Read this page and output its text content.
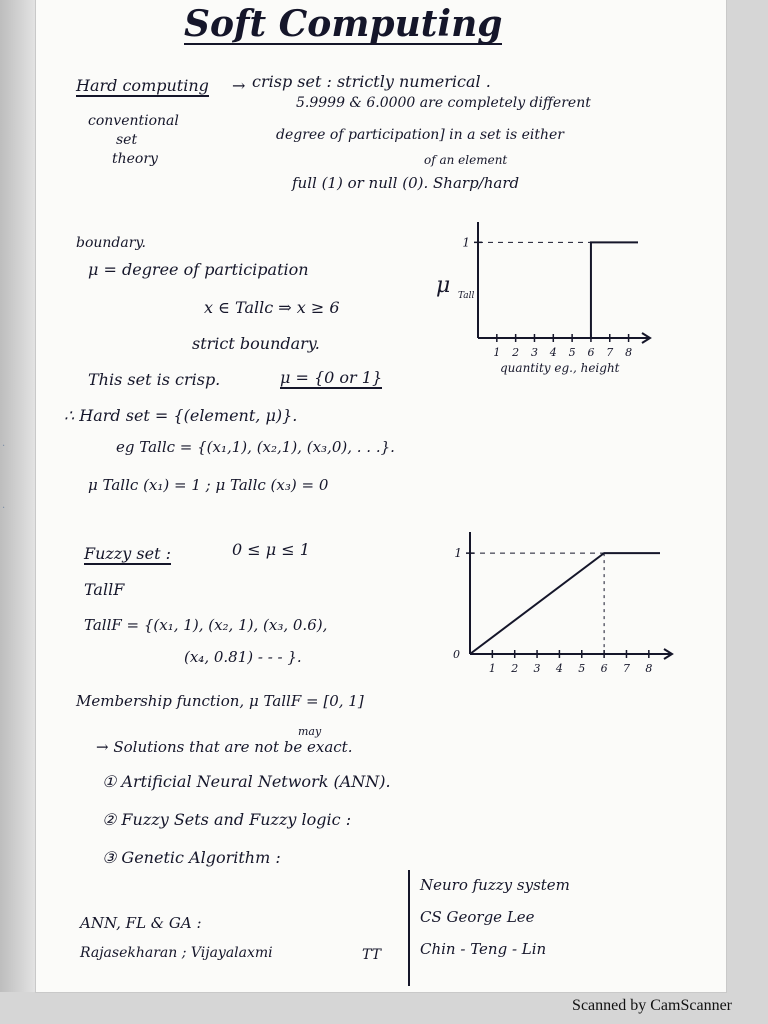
.
.
Soft Computing
Hard computing → crisp set : strictly numerical .
5.9999 & 6.0000 are completely different
conventional
set
theory
degree of participation] in a set is either
of an element
full (1) or null (0). Sharp/hard
boundary.
μ = degree of participation
x ∈ Tallᴄ ⇒ x ≥ 6
strict boundary.
This set is crisp.	μ = {0 or 1}
∴ Hard set = {(element, μ)}.
eg Tallᴄ = {(x₁,1), (x₂,1), (x₃,0), . . .}.
μ Tallᴄ (x₁) = 1 ; μ Tallᴄ (x₃) = 0
1 2 3 4 5 6 7 8
1
μ Tall
quantity eg., height
Fuzzy set :	0 ≤ μ ≤ 1
TallF
TallF = {(x₁, 1), (x₂, 1), (x₃, 0.6),
(x₄, 0.81) - - - }.
1 2 3 4 5 6 7 8
1
0
Membership function, μ TallF = [0, 1]
may
→ Solutions that are not be exact.
① Artificial Neural Network (ANN).
② Fuzzy Sets and Fuzzy logic :
③ Genetic Algorithm :
ANN, FL & GA :
Rajasekharan ; Vijayalaxmi	TT
Neuro fuzzy system
CS George Lee
Chin - Teng - Lin
Scanned by CamScanner
